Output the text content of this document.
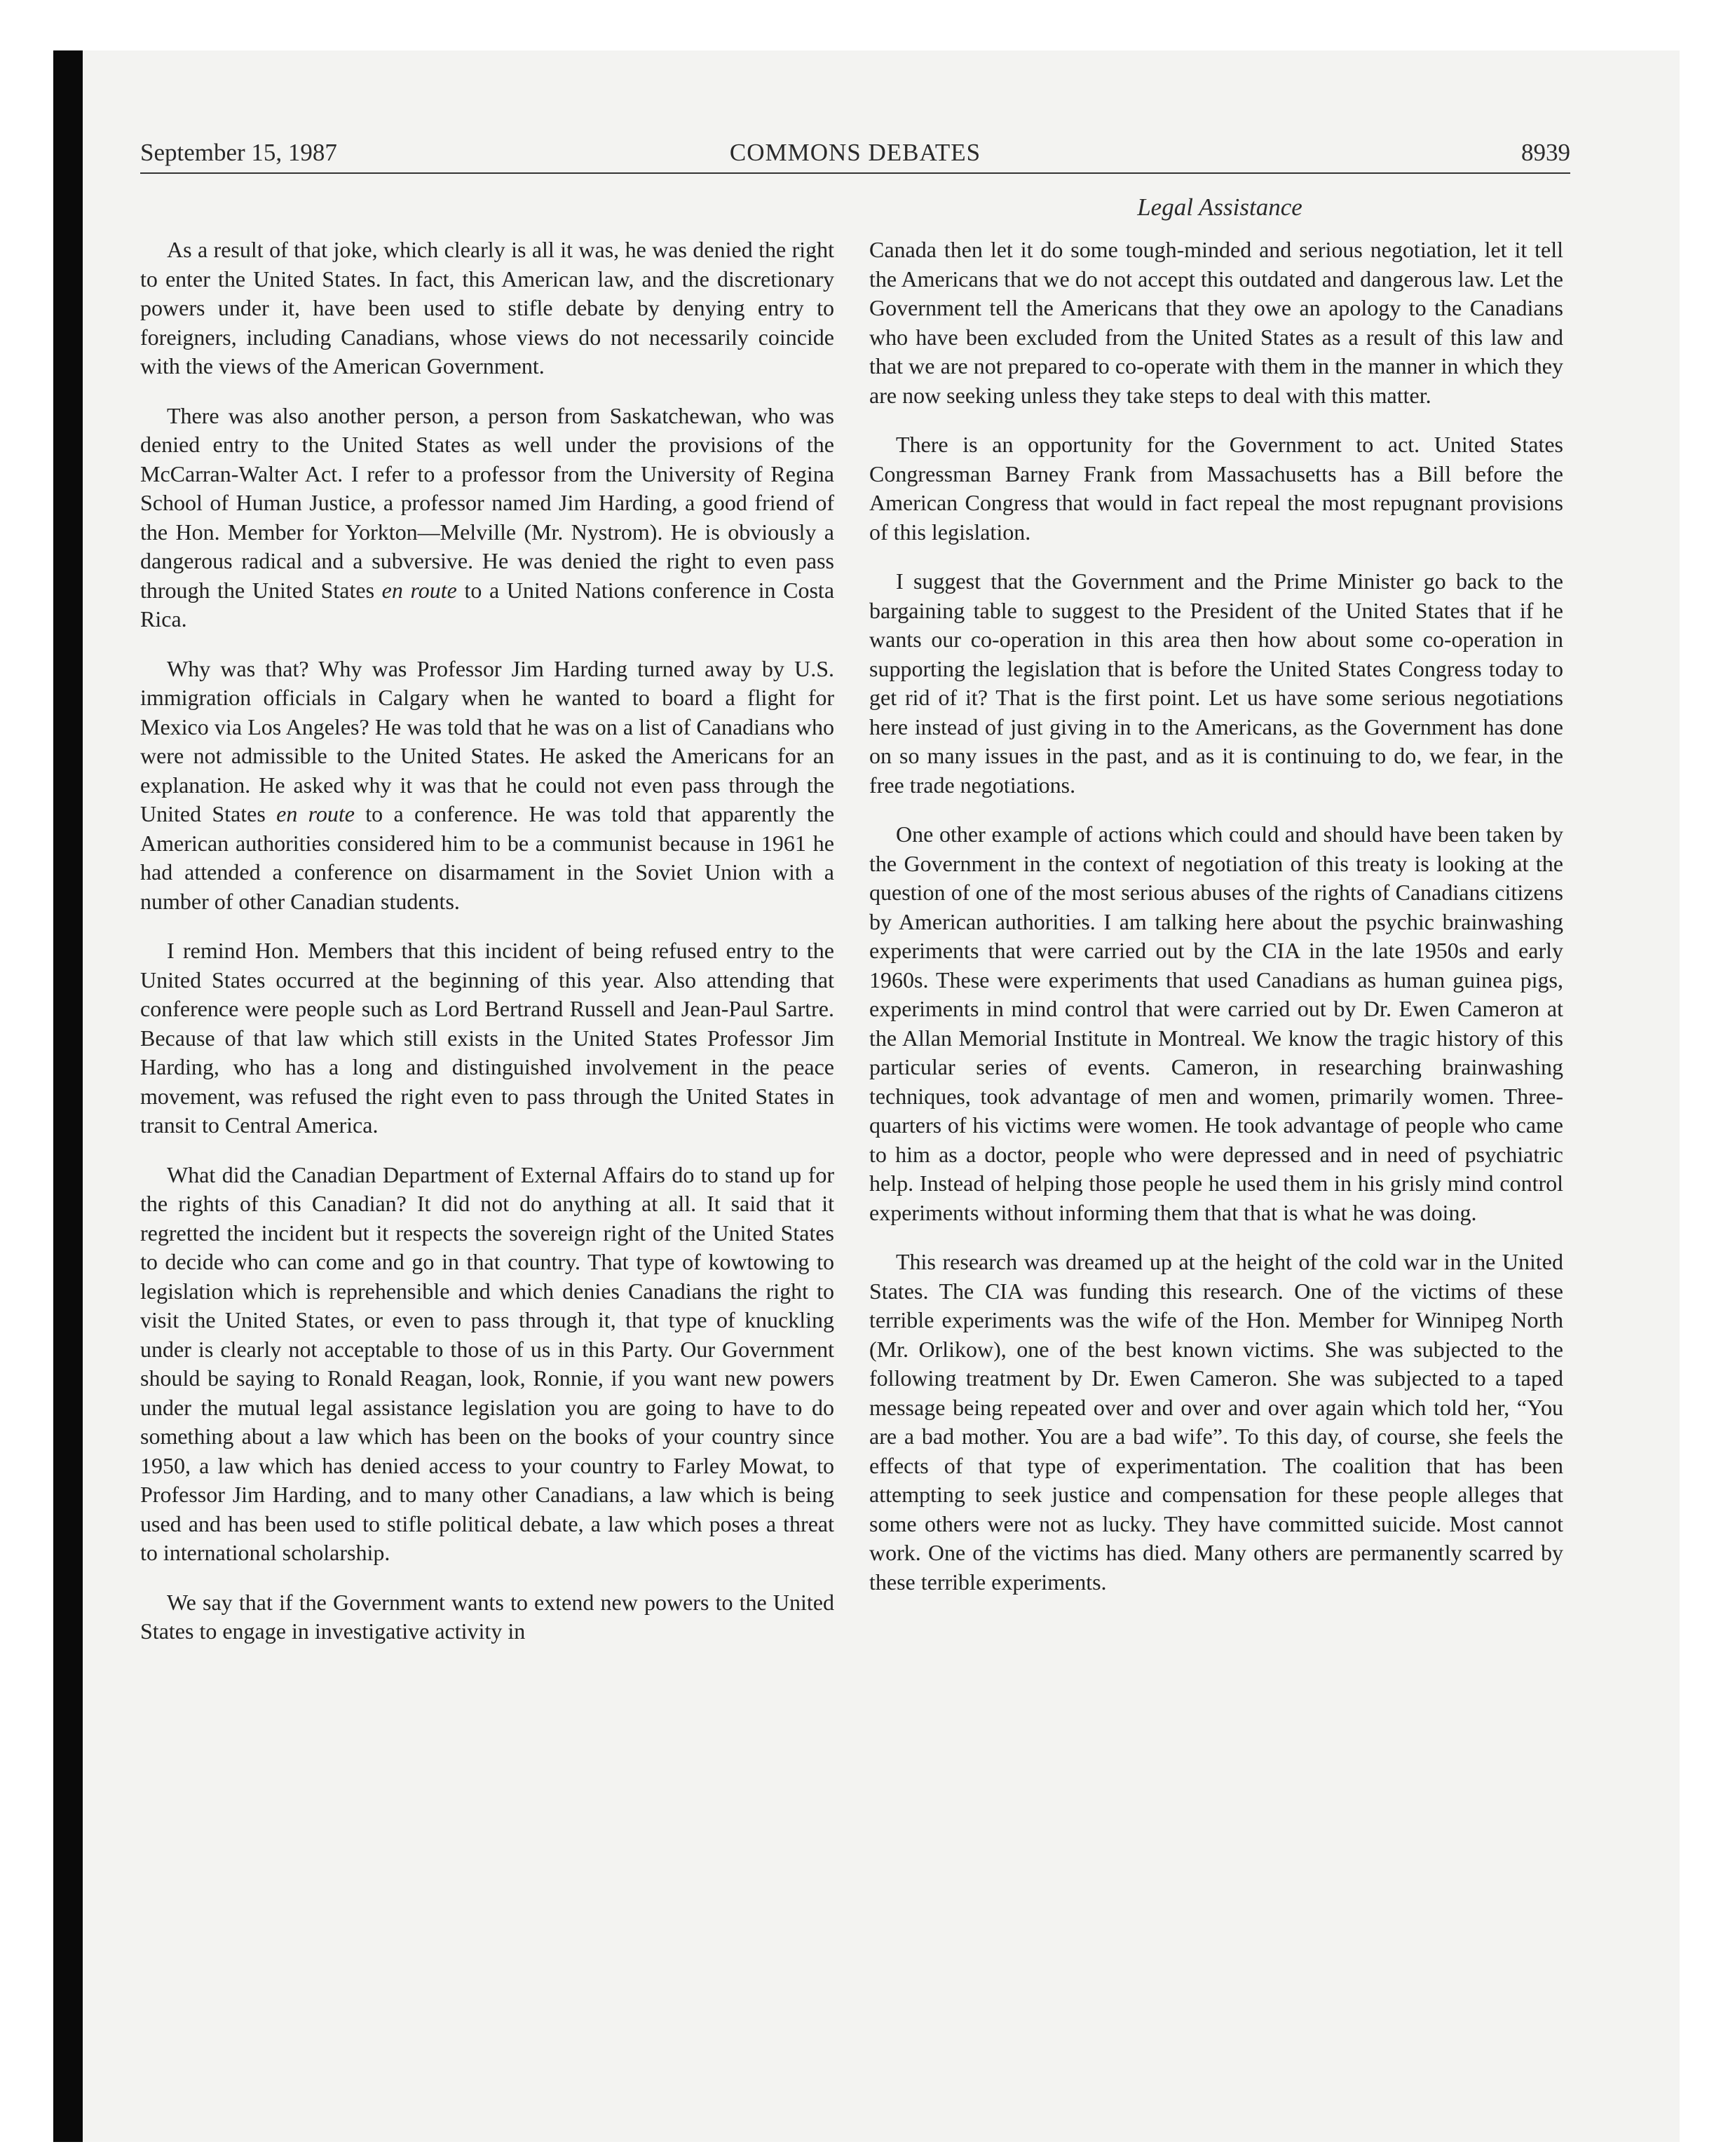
September 15, 1987	COMMONS DEBATES	8939
Legal Assistance

As a result of that joke, which clearly is all it was, he was denied the right to enter the United States. In fact, this American law, and the discretionary powers under it, have been used to stifle debate by denying entry to foreigners, including Canadians, whose views do not necessarily coincide with the views of the American Government.

There was also another person, a person from Saskatchewan, who was denied entry to the United States as well under the provisions of the McCarran-Walter Act. I refer to a professor from the University of Regina School of Human Justice, a professor named Jim Harding, a good friend of the Hon. Member for Yorkton—Melville (Mr. Nystrom). He is obviously a dangerous radical and a subversive. He was denied the right to even pass through the United States en route to a United Nations conference in Costa Rica.

Why was that? Why was Professor Jim Harding turned away by U.S. immigration officials in Calgary when he wanted to board a flight for Mexico via Los Angeles? He was told that he was on a list of Canadians who were not admissible to the United States. He asked the Americans for an explanation. He asked why it was that he could not even pass through the United States en route to a conference. He was told that apparently the American authorities considered him to be a communist because in 1961 he had attended a conference on disarmament in the Soviet Union with a number of other Canadian students.

I remind Hon. Members that this incident of being refused entry to the United States occurred at the beginning of this year. Also attending that conference were people such as Lord Bertrand Russell and Jean-Paul Sartre. Because of that law which still exists in the United States Professor Jim Harding, who has a long and distinguished involvement in the peace movement, was refused the right even to pass through the United States in transit to Central America.

What did the Canadian Department of External Affairs do to stand up for the rights of this Canadian? It did not do anything at all. It said that it regretted the incident but it respects the sovereign right of the United States to decide who can come and go in that country. That type of kowtowing to legislation which is reprehensible and which denies Canadians the right to visit the United States, or even to pass through it, that type of knuckling under is clearly not acceptable to those of us in this Party. Our Government should be saying to Ronald Reagan, look, Ronnie, if you want new powers under the mutual legal assistance legislation you are going to have to do something about a law which has been on the books of your country since 1950, a law which has denied access to your country to Farley Mowat, to Professor Jim Harding, and to many other Canadians, a law which is being used and has been used to stifle political debate, a law which poses a threat to international scholarship.

We say that if the Government wants to extend new powers to the United States to engage in investigative activity in

Canada then let it do some tough-minded and serious negotiation, let it tell the Americans that we do not accept this outdated and dangerous law. Let the Government tell the Americans that they owe an apology to the Canadians who have been excluded from the United States as a result of this law and that we are not prepared to co-operate with them in the manner in which they are now seeking unless they take steps to deal with this matter.

There is an opportunity for the Government to act. United States Congressman Barney Frank from Massachusetts has a Bill before the American Congress that would in fact repeal the most repugnant provisions of this legislation.

I suggest that the Government and the Prime Minister go back to the bargaining table to suggest to the President of the United States that if he wants our co-operation in this area then how about some co-operation in supporting the legislation that is before the United States Congress today to get rid of it? That is the first point. Let us have some serious negotiations here instead of just giving in to the Americans, as the Government has done on so many issues in the past, and as it is continuing to do, we fear, in the free trade negotiations.

One other example of actions which could and should have been taken by the Government in the context of negotiation of this treaty is looking at the question of one of the most serious abuses of the rights of Canadians citizens by American authorities. I am talking here about the psychic brainwashing experiments that were carried out by the CIA in the late 1950s and early 1960s. These were experiments that used Canadians as human guinea pigs, experiments in mind control that were carried out by Dr. Ewen Cameron at the Allan Memorial Institute in Montreal. We know the tragic history of this particular series of events. Cameron, in researching brainwashing techniques, took advantage of men and women, primarily women. Three-quarters of his victims were women. He took advantage of people who came to him as a doctor, people who were depressed and in need of psychiatric help. Instead of helping those people he used them in his grisly mind control experiments without informing them that that is what he was doing.

This research was dreamed up at the height of the cold war in the United States. The CIA was funding this research. One of the victims of these terrible experiments was the wife of the Hon. Member for Winnipeg North (Mr. Orlikow), one of the best known victims. She was subjected to the following treatment by Dr. Ewen Cameron. She was subjected to a taped message being repeated over and over and over again which told her, “You are a bad mother. You are a bad wife”. To this day, of course, she feels the effects of that type of experimentation. The coalition that has been attempting to seek justice and compensation for these people alleges that some others were not as lucky. They have committed suicide. Most cannot work. One of the victims has died. Many others are permanently scarred by these terrible experiments.
